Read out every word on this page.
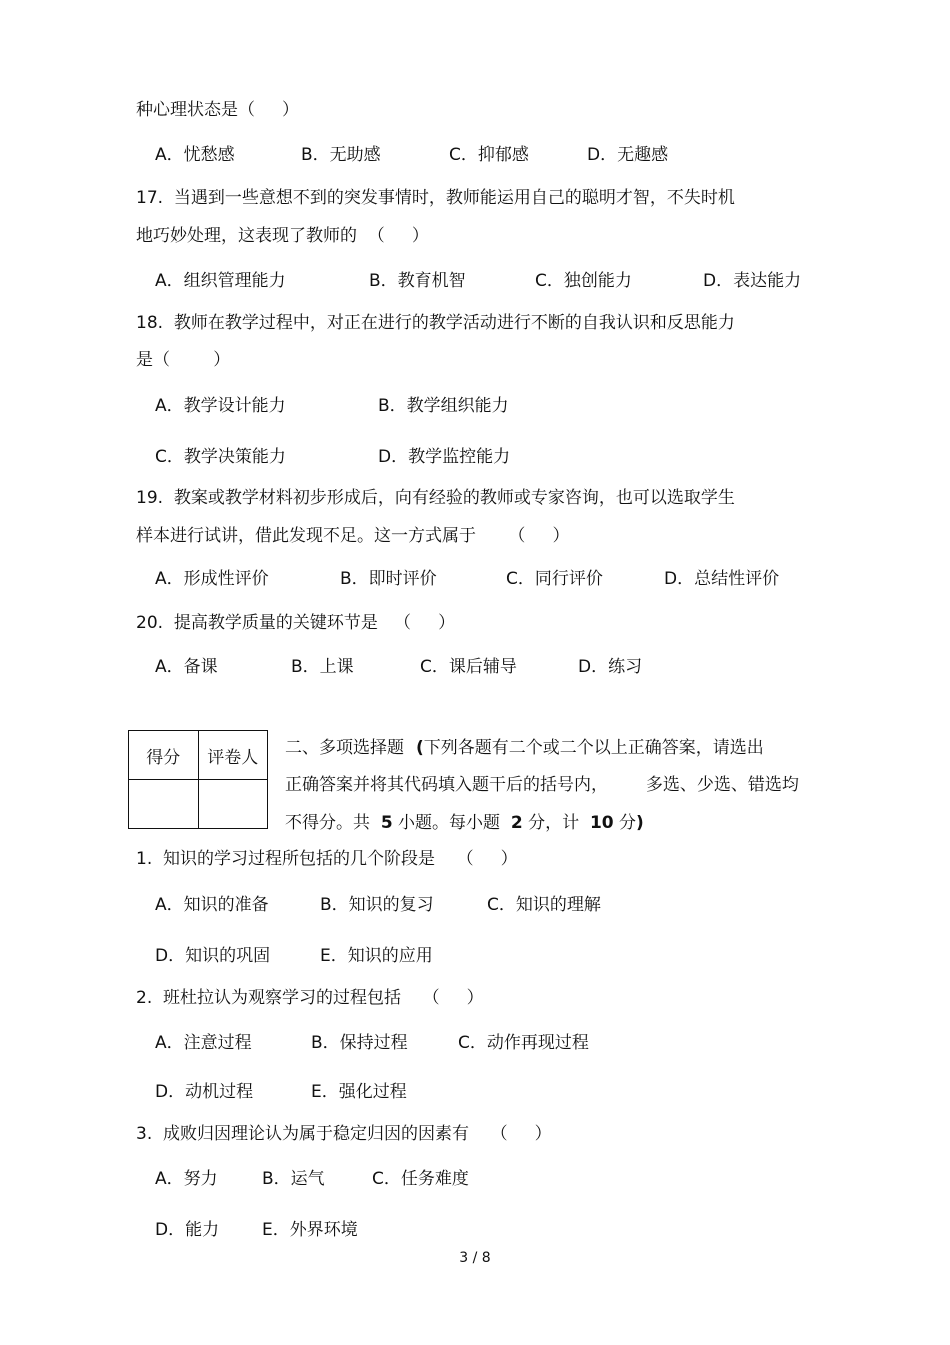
种心理状态是（     ）
A．忧愁感	B．无助感	C．抑郁感	D．无趣感
17.  当遇到一些意想不到的突发事情时，教师能运用自己的聪明才智，不失时机
地巧妙处理，这表现了教师的  （     ）
A．组织管理能力	B．教育机智	C．独创能力	D．表达能力
18.  教师在教学过程中，对正在进行的教学活动进行不断的自我认识和反思能力
是（        ）
A．教学设计能力	B．教学组织能力
C．教学决策能力	D．教学监控能力
19.  教案或教学材料初步形成后，向有经验的教师或专家咨询，也可以选取学生
样本进行试讲，借此发现不足。这一方式属于      （     ）
A．形成性评价	B．即时评价	C．同行评价	D．总结性评价
20.  提高教学质量的关键环节是   （     ）
A．备课	B．上课	C．课后辅导	D．练习
得分	评卷人
	二、多项选择题 (下列各题有二个或二个以上正确答案，请选出
正确答案并将其代码填入题干后的括号内，       多选、少选、错选均
不得分。共  5 小题。每小题  2 分，计  10 分)
1.  知识的学习过程所包括的几个阶段是    （     ）
A．知识的准备	B．知识的复习	C．知识的理解
D．知识的巩固	E．知识的应用
2.  班杜拉认为观察学习的过程包括    （     ）
A．注意过程	B．保持过程	C．动作再现过程
D．动机过程	E．强化过程
3.  成败归因理论认为属于稳定归因的因素有    （     ）
A．努力	B．运气	C．任务难度
D．能力	E．外界环境
3 / 8
